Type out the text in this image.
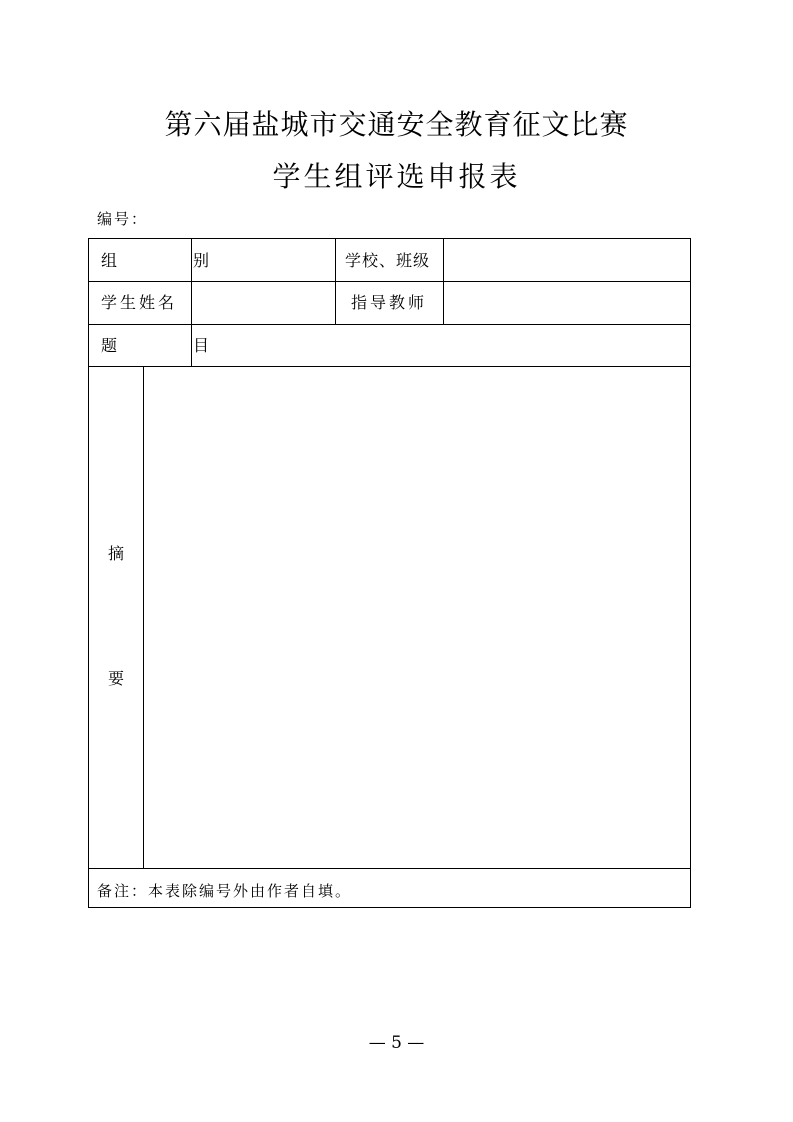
第六届盐城市交通安全教育征文比赛
学生组评选申报表
编号：
组　别	学校、班级
学生姓名	指导教师
题　目
摘
要
备注：本表除编号外由作者自填。
— 5 —
